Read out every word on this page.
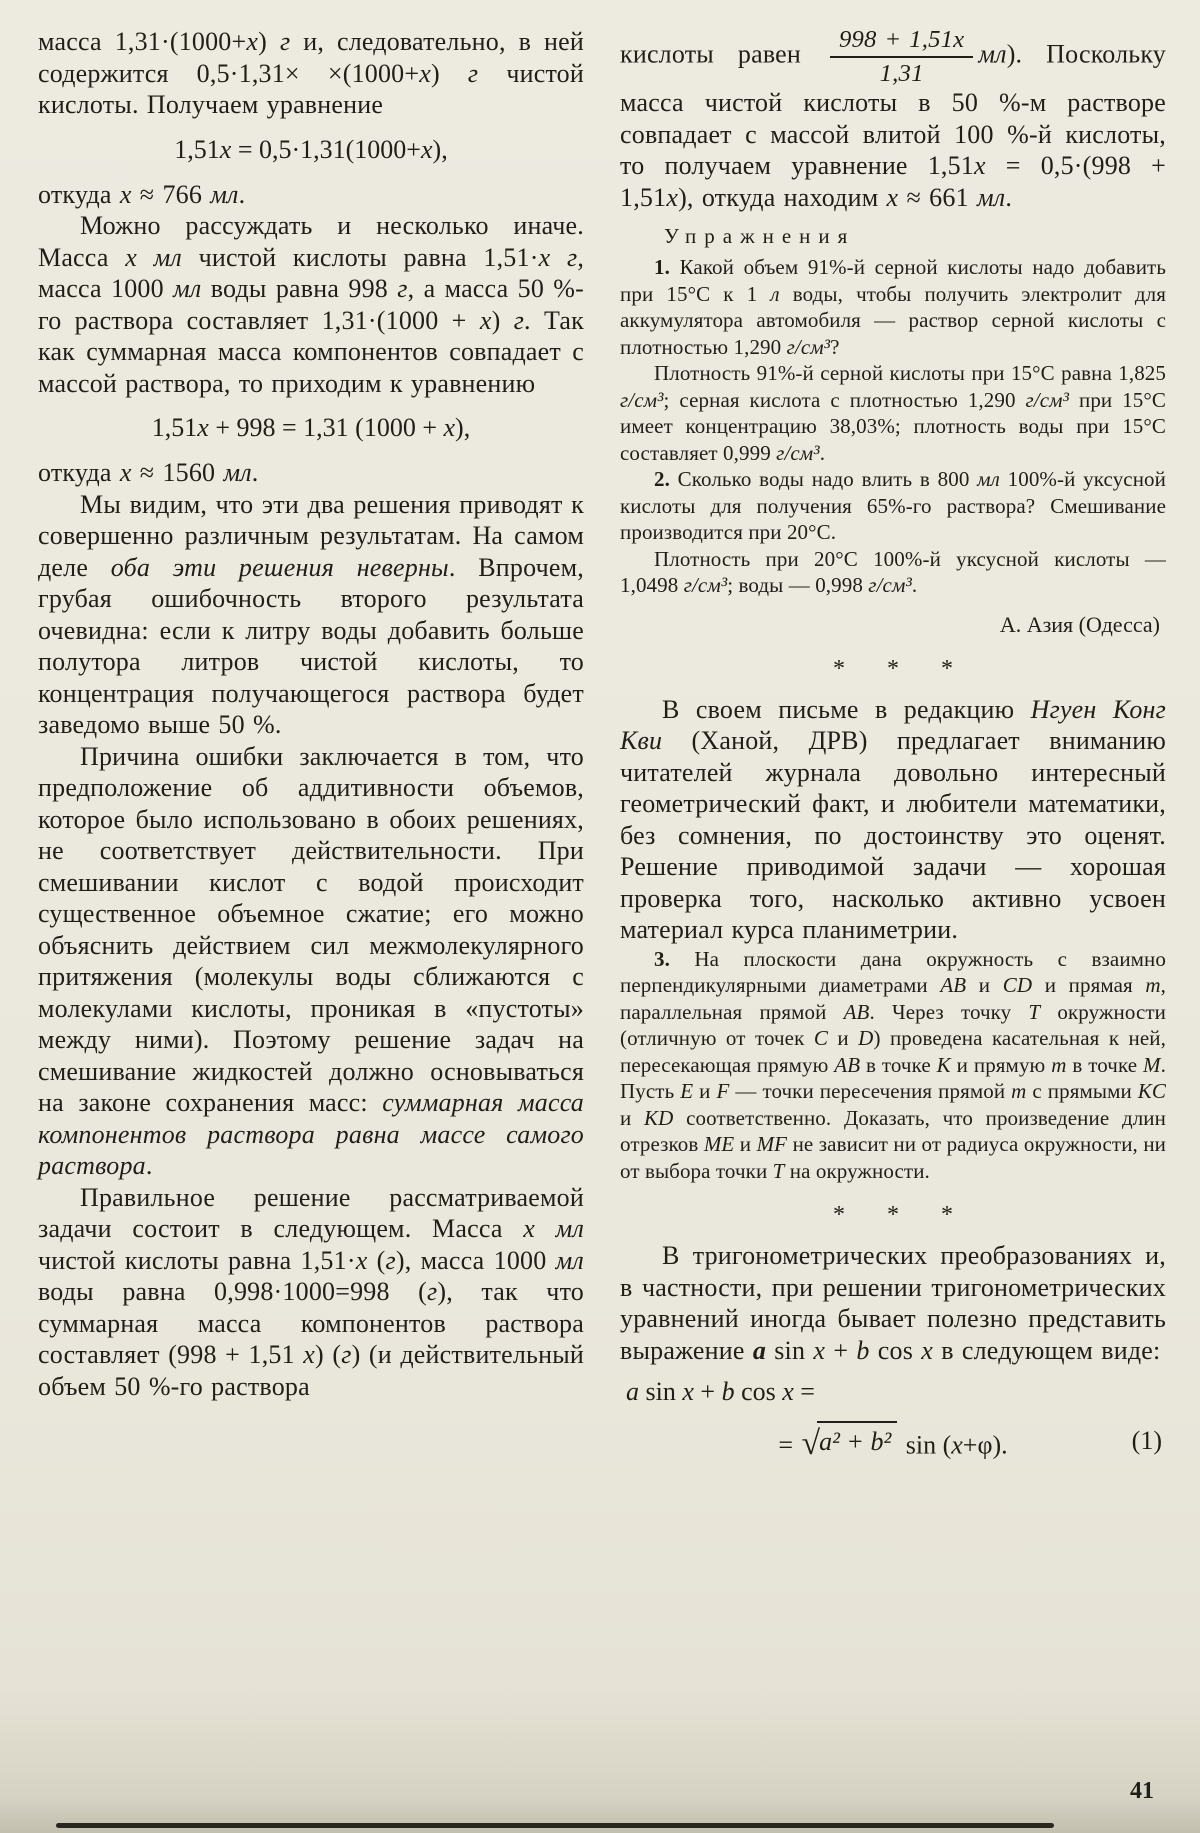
масса 1,31·(1000+x) г и, следовательно, в ней содержится 0,5·1,31× ×(1000+x) г чистой кислоты. Получаем уравнение
1,51x = 0,5·1,31(1000+x),
откуда x ≈ 766 мл.
Можно рассуждать и несколько иначе. Масса x мл чистой кислоты равна 1,51·x г, масса 1000 мл воды равна 998 г, а масса 50 %-го раствора составляет 1,31·(1000 + x) г. Так как суммарная масса компонентов совпадает с массой раствора, то приходим к уравнению
1,51x + 998 = 1,31 (1000 + x),
откуда x ≈ 1560 мл.
Мы видим, что эти два решения приводят к совершенно различным результатам. На самом деле оба эти решения неверны. Впрочем, грубая ошибочность второго результата очевидна: если к литру воды добавить больше полутора литров чистой кислоты, то концентрация получающегося раствора будет заведомо выше 50 %.
Причина ошибки заключается в том, что предположение об аддитивности объемов, которое было использовано в обоих решениях, не соответствует действительности. При смешивании кислот с водой происходит существенное объемное сжатие; его можно объяснить действием сил межмолекулярного притяжения (молекулы воды сближаются с молекулами кислоты, проникая в «пустоты» между ними). Поэтому решение задач на смешивание жидкостей должно основываться на законе сохранения масс: суммарная масса компонентов раствора равна массе самого раствора.
Правильное решение рассматриваемой задачи состоит в следующем. Масса x мл чистой кислоты равна 1,51·x (г), масса 1000 мл воды равна 0,998·1000=998 (г), так что суммарная масса компонентов раствора составляет (998 + 1,51 x) (г) (и действительный объем 50 %-го раствора
кислоты равен $\frac{998 + 1,51x}{1,31} мл$). Поскольку масса чистой кислоты в 50 %-м растворе совпадает с массой влитой 100 %-й кислоты, то получаем уравнение 1,51x = 0,5·(998 + 1,51x), откуда находим x ≈ 661 мл.
Упражнения
1. Какой объем 91%-й серной кислоты надо добавить при 15°С к 1 л воды, чтобы получить электролит для аккумулятора автомобиля — раствор серной кислоты с плотностью 1,290 г/см³?
Плотность 91%-й серной кислоты при 15°С равна 1,825 г/см³; серная кислота с плотностью 1,290 г/см³ при 15°С имеет концентрацию 38,03%; плотность воды при 15°С составляет 0,999 г/см³.
2. Сколько воды надо влить в 800 мл 100%-й уксусной кислоты для получения 65%-го раствора? Смешивание производится при 20°С.
Плотность при 20°С 100%-й уксусной кислоты — 1,0498 г/см³; воды — 0,998 г/см³.
А. Азия (Одесса)
* * *
В своем письме в редакцию Нгуен Конг Кви (Ханой, ДРВ) предлагает вниманию читателей журнала довольно интересный геометрический факт, и любители математики, без сомнения, по достоинству это оценят. Решение приводимой задачи — хорошая проверка того, насколько активно усвоен материал курса планиметрии.
3. На плоскости дана окружность с взаимно перпендикулярными диаметрами AB и CD и прямая m, параллельная прямой AB. Через точку T окружности (отличную от точек C и D) проведена касательная к ней, пересекающая прямую AB в точке K и прямую m в точке M. Пусть E и F — точки пересечения прямой m с прямыми KC и KD соответственно. Доказать, что произведение длин отрезков ME и MF не зависит ни от радиуса окружности, ни от выбора точки T на окружности.
* * *
В тригонометрических преобразованиях и, в частности, при решении тригонометрических уравнений иногда бывает полезно представить выражение a sin x + b cos x в следующем виде:
a sin x + b cos x =
= √ a² + b² sin (x+φ).	(1)
41
